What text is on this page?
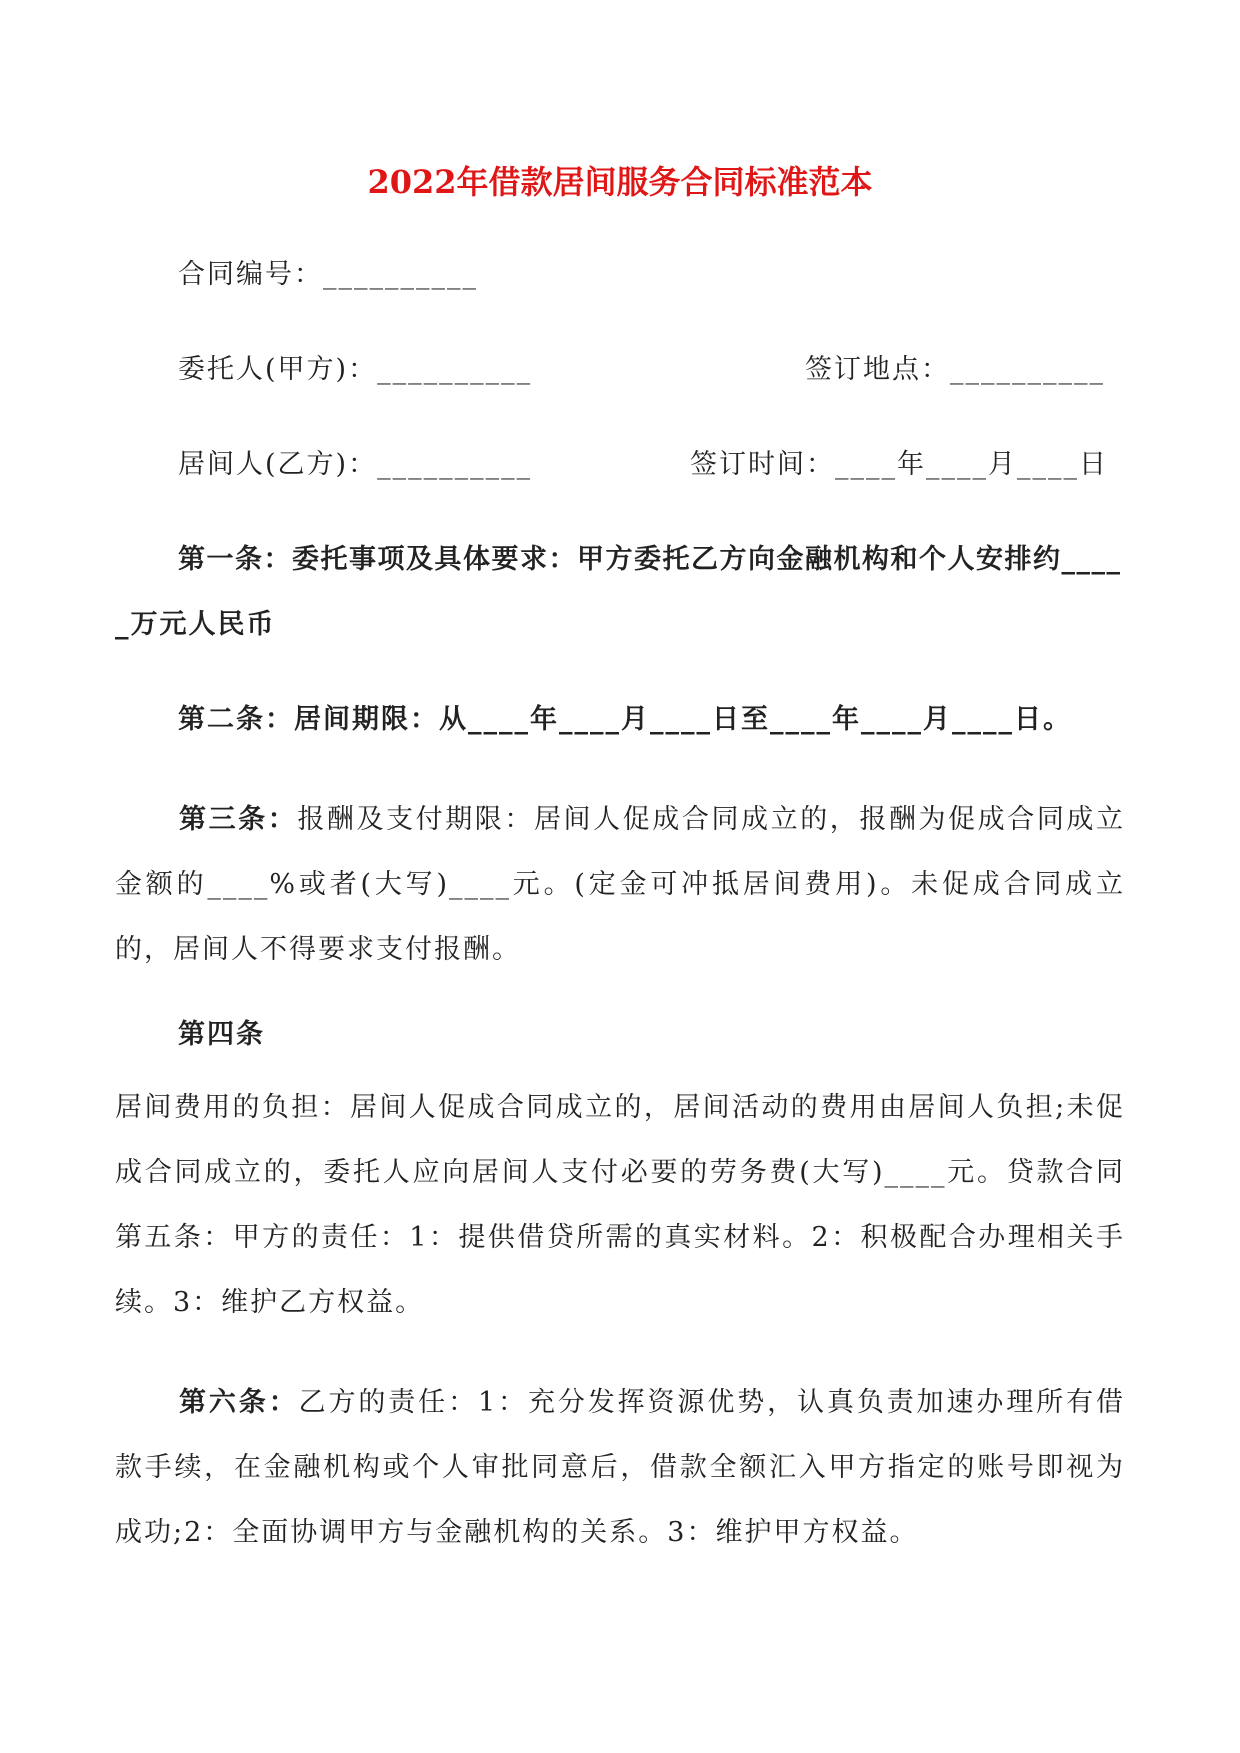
2022年借款居间服务合同标准范本
合同编号：__________
委托人(甲方)：__________	签订地点：__________
居间人(乙方)：__________	签订时间：____年____月____日
第一条：委托事项及具体要求：甲方委托乙方向金融机构和个人安排约____
_万元人民币
第二条：居间期限：从____年____月____日至____年____月____日。
第三条：报酬及支付期限：居间人促成合同成立的，报酬为促成合同成立金额的____%或者(大写)____元。(定金可冲抵居间费用)。未促成合同成立的，居间人不得要求支付报酬。
第四条
居间费用的负担：居间人促成合同成立的，居间活动的费用由居间人负担;未促成合同成立的，委托人应向居间人支付必要的劳务费(大写)____元。贷款合同第五条：甲方的责任：1：提供借贷所需的真实材料。2：积极配合办理相关手续。3：维护乙方权益。
第六条：乙方的责任：1：充分发挥资源优势，认真负责加速办理所有借款手续，在金融机构或个人审批同意后，借款全额汇入甲方指定的账号即视为成功;2：全面协调甲方与金融机构的关系。3：维护甲方权益。
